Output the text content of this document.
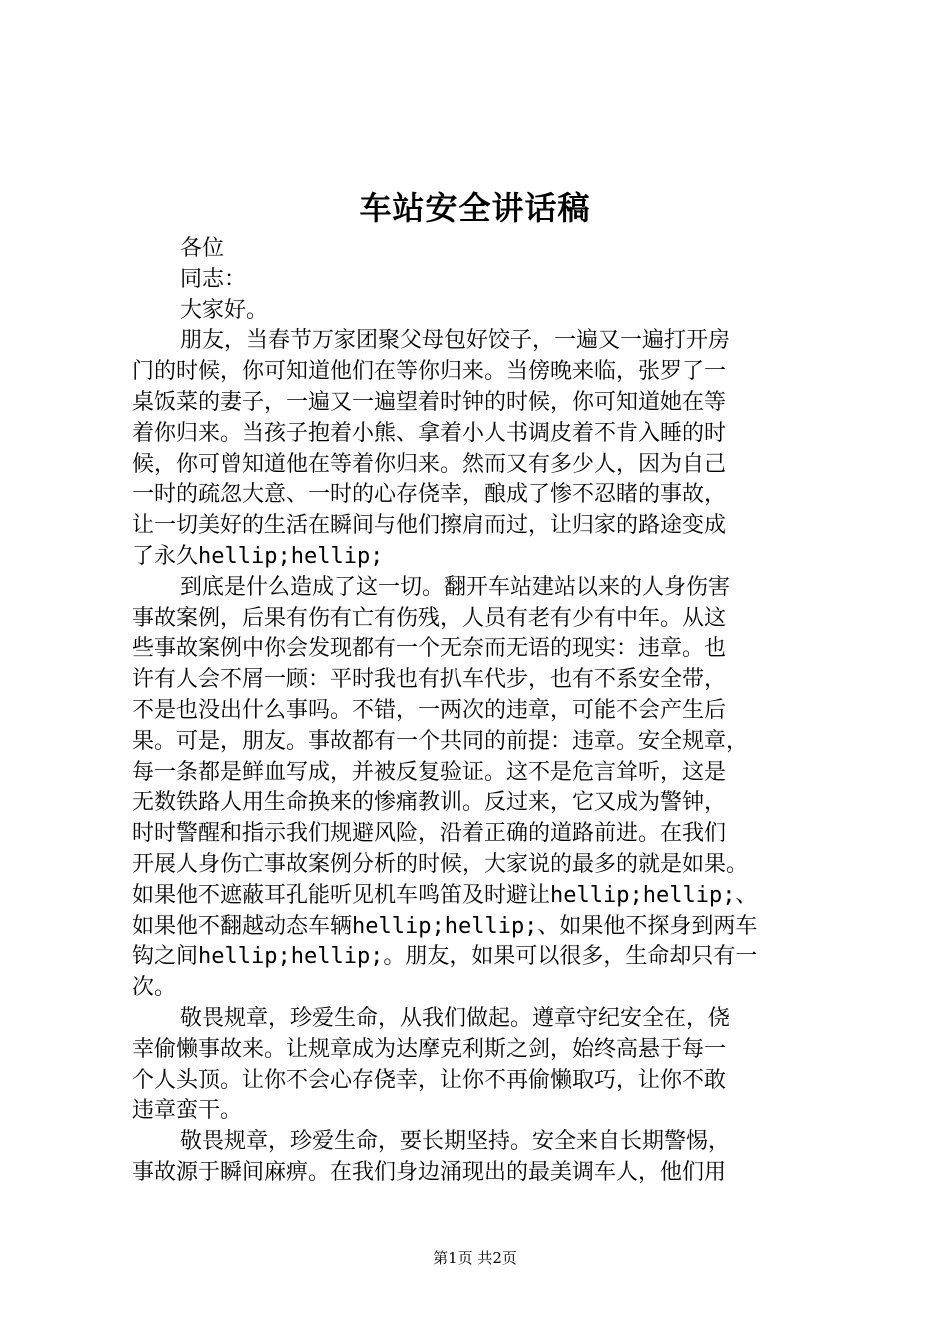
车站安全讲话稿
各位
同志：
大家好。
朋友，当春节万家团聚父母包好饺子，一遍又一遍打开房
门的时候，你可知道他们在等你归来。当傍晚来临，张罗了一
桌饭菜的妻子，一遍又一遍望着时钟的时候，你可知道她在等
着你归来。当孩子抱着小熊、拿着小人书调皮着不肯入睡的时
候，你可曾知道他在等着你归来。然而又有多少人，因为自己
一时的疏忽大意、一时的心存侥幸，酿成了惨不忍睹的事故，
让一切美好的生活在瞬间与他们擦肩而过，让归家的路途变成
了永久hellip;hellip;
到底是什么造成了这一切。翻开车站建站以来的人身伤害
事故案例，后果有伤有亡有伤残，人员有老有少有中年。从这
些事故案例中你会发现都有一个无奈而无语的现实：违章。也
许有人会不屑一顾：平时我也有扒车代步，也有不系安全带，
不是也没出什么事吗。不错，一两次的违章，可能不会产生后
果。可是，朋友。事故都有一个共同的前提：违章。安全规章，
每一条都是鲜血写成，并被反复验证。这不是危言耸听，这是
无数铁路人用生命换来的惨痛教训。反过来，它又成为警钟，
时时警醒和指示我们规避风险，沿着正确的道路前进。在我们
开展人身伤亡事故案例分析的时候，大家说的最多的就是如果。
如果他不遮蔽耳孔能听见机车鸣笛及时避让hellip;hellip;、
如果他不翻越动态车辆hellip;hellip;、如果他不探身到两车
钩之间hellip;hellip;。朋友，如果可以很多，生命却只有一
次。
敬畏规章，珍爱生命，从我们做起。遵章守纪安全在，侥
幸偷懒事故来。让规章成为达摩克利斯之剑，始终高悬于每一
个人头顶。让你不会心存侥幸，让你不再偷懒取巧，让你不敢
违章蛮干。
敬畏规章，珍爱生命，要长期坚持。安全来自长期警惕，
事故源于瞬间麻痹。在我们身边涌现出的最美调车人，他们用
第1页 共2页
